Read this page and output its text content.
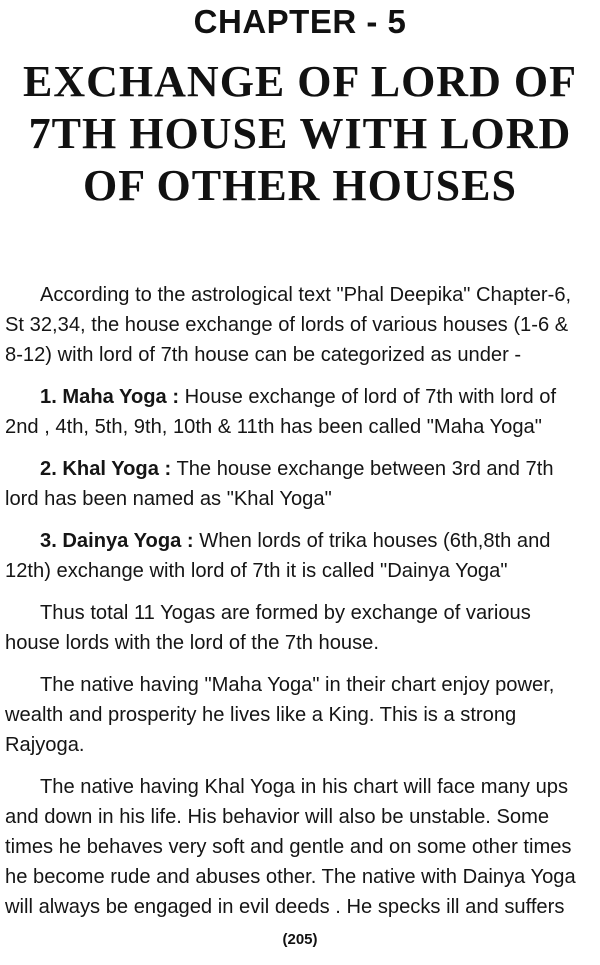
CHAPTER - 5
EXCHANGE OF LORD OF
7TH HOUSE WITH LORD
OF OTHER HOUSES
According to the astrological text "Phal Deepika" Chapter-6,
St 32,34, the house exchange of lords of various houses (1-6 &
8-12) with lord of 7th house can be categorized as under -
1. Maha Yoga : House exchange of lord of 7th with lord of
2nd , 4th, 5th, 9th, 10th & 11th has been called "Maha Yoga"
2. Khal Yoga : The house exchange between 3rd and 7th
lord has been named as "Khal Yoga"
3. Dainya Yoga : When lords of trika houses (6th,8th and
12th) exchange with lord of 7th it is called "Dainya Yoga"
Thus total 11 Yogas are formed by exchange of various
house lords with the lord of the 7th house.
The native having "Maha Yoga" in their chart enjoy power,
wealth and prosperity he lives like a King. This is a strong
Rajyoga.
The native having Khal Yoga in his chart will face many ups
and down in his life. His behavior will also be unstable. Some
times he behaves very soft and gentle and on some other times
he become rude and abuses other. The native with Dainya Yoga
will always be engaged in evil deeds . He specks ill and suffers
(205)
